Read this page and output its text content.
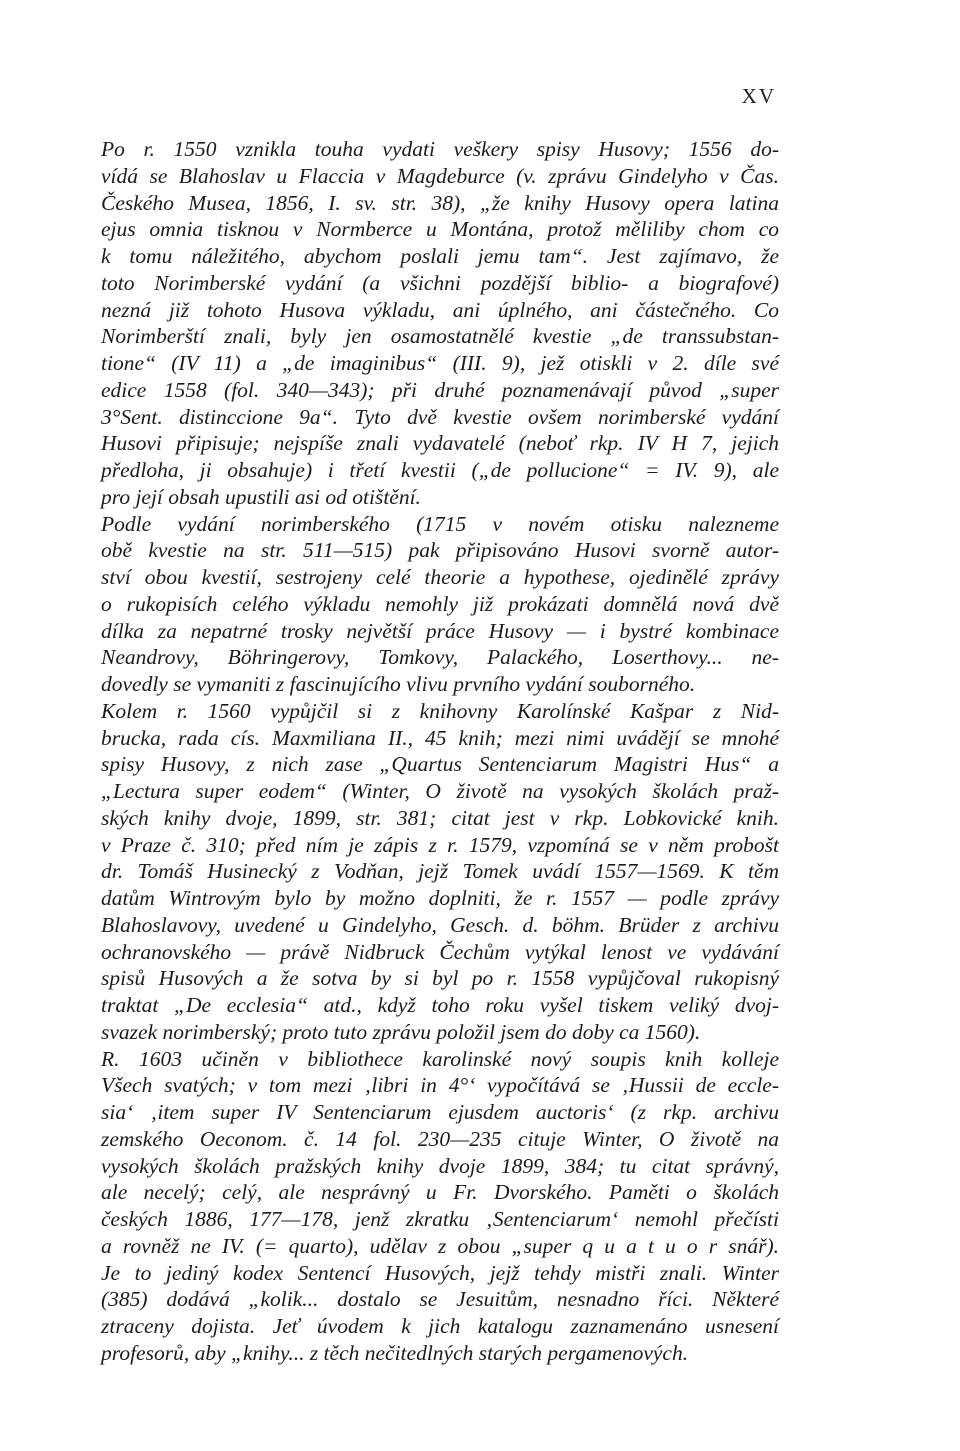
XV
Po r. 1550 vznikla touha vydati veškery spisy Husovy; 1556 do-
vídá se Blahoslav u Flaccia v Magdeburce (v. zprávu Gindelyho v Čas.
Českého Musea, 1856, I. sv. str. 38), „že knihy Husovy opera latina
ejus omnia tisknou v Normberce u Montána, protož měliliby chom co
k tomu náležitého, abychom poslali jemu tam“. Jest zajímavo, že
toto Norimberské vydání (a všichni pozdější biblio- a biografové)
nezná již tohoto Husova výkladu, ani úplného, ani částečného. Co
Norimberští znali, byly jen osamostatnělé kvestie „de transsubstan-
tione“ (IV 11) a „de imaginibus“ (III. 9), jež otiskli v 2. díle své
edice 1558 (fol. 340—343); při druhé poznamenávají původ „super
3°Sent. distinccione 9a“. Tyto dvě kvestie ovšem norimberské vydání
Husovi připisuje; nejspíše znali vydavatelé (neboť rkp. IV H 7, jejich
předloha, ji obsahuje) i třetí kvestii („de pollucione“ = IV. 9), ale
pro její obsah upustili asi od otištění.
Podle vydání norimberského (1715 v novém otisku nalezneme
obě kvestie na str. 511—515) pak připisováno Husovi svorně autor-
ství obou kvestií, sestrojeny celé theorie a hypothese, ojedinělé zprávy
o rukopisích celého výkladu nemohly již prokázati domnělá nová dvě
dílka za nepatrné trosky největší práce Husovy — i bystré kombinace
Neandrovy, Böhringerovy, Tomkovy, Palackého, Loserthovy... ne-
dovedly se vymaniti z fascinujícího vlivu prvního vydání souborného.
Kolem r. 1560 vypůjčil si z knihovny Karolínské Kašpar z Nid-
brucka, rada cís. Maxmiliana II., 45 knih; mezi nimi uvádějí se mnohé
spisy Husovy, z nich zase „Quartus Sentenciarum Magistri Hus“ a
„Lectura super eodem“ (Winter, O životě na vysokých školách praž-
ských knihy dvoje, 1899, str. 381; citat jest v rkp. Lobkovické knih.
v Praze č. 310; před ním je zápis z r. 1579, vzpomíná se v něm probošt
dr. Tomáš Husinecký z Vodňan, jejž Tomek uvádí 1557—1569. K těm
datům Wintrovým bylo by možno doplniti, že r. 1557 — podle zprávy
Blahoslavovy, uvedené u Gindelyho, Gesch. d. böhm. Brüder z archivu
ochranovského — právě Nidbruck Čechům vytýkal lenost ve vydávání
spisů Husových a že sotva by si byl po r. 1558 vypůjčoval rukopisný
traktat „De ecclesia“ atd., když toho roku vyšel tiskem veliký dvoj-
svazek norimberský; proto tuto zprávu položil jsem do doby ca 1560).
R. 1603 učiněn v bibliothece karolinské nový soupis knih kolleje
Všech svatých; v tom mezi ‚libri in 4°‘ vypočítává se ‚Hussii de eccle-
sia‘ ‚item super IV Sentenciarum ejusdem auctoris‘ (z rkp. archivu
zemského Oeconom. č. 14 fol. 230—235 cituje Winter, O životě na
vysokých školách pražských knihy dvoje 1899, 384; tu citat správný,
ale necelý; celý, ale nesprávný u Fr. Dvorského. Paměti o školách
českých 1886, 177—178, jenž zkratku ‚Sentenciarum‘ nemohl přečísti
a rovněž ne IV. (= quarto), udělav z obou „super q u a t u o r snář).
Je to jediný kodex Sentencí Husových, jejž tehdy mistři znali. Winter
(385) dodává „kolik... dostalo se Jesuitům, nesnadno říci. Některé
ztraceny dojista. Jeť úvodem k jich katalogu zaznamenáno usnesení
profesorů, aby „knihy... z těch nečitedlných starých pergamenových.
